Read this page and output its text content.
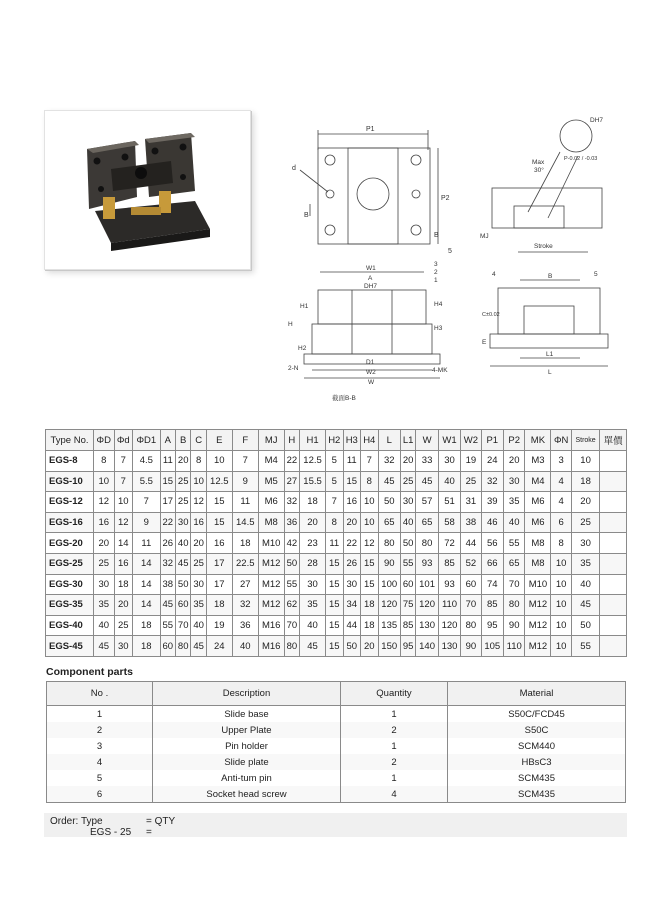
P1
P2
d
B
B
5
DH7
P-0.02 / -0.03
Max
30°
MJ
Stroke
W1
A
DH7
3
2
1
H1
H
H2
H3
H4
D1
W2
W
2-N	4-MK
截面B-B
4	5
B
C±0.02
E
L1
L
Type No.	ΦD	Φd	ΦD1	A	B	C	E	F	MJ	H	H1	H2	H3	H4	L	L1	W	W1	W2	P1	P2	MK	ΦN	Stroke	單價
EGS-8	8	7	4.5	11	20	8	10	7	M4	22	12.5	5	11	7	32	20	33	30	19	24	20	M3	3	10	
EGS-10	10	7	5.5	15	25	10	12.5	9	M5	27	15.5	5	15	8	45	25	45	40	25	32	30	M4	4	18	
EGS-12	12	10	7	17	25	12	15	11	M6	32	18	7	16	10	50	30	57	51	31	39	35	M6	4	20	
EGS-16	16	12	9	22	30	16	15	14.5	M8	36	20	8	20	10	65	40	65	58	38	46	40	M6	6	25	
EGS-20	20	14	11	26	40	20	16	18	M10	42	23	11	22	12	80	50	80	72	44	56	55	M8	8	30	
EGS-25	25	16	14	32	45	25	17	22.5	M12	50	28	15	26	15	90	55	93	85	52	66	65	M8	10	35	
EGS-30	30	18	14	38	50	30	17	27	M12	55	30	15	30	15	100	60	101	93	60	74	70	M10	10	40	
EGS-35	35	20	14	45	60	35	18	32	M12	62	35	15	34	18	120	75	120	110	70	85	80	M12	10	45	
EGS-40	40	25	18	55	70	40	19	36	M16	70	40	15	44	18	135	85	130	120	80	95	90	M12	10	50	
EGS-45	45	30	18	60	80	45	24	40	M16	80	45	15	50	20	150	95	140	130	90	105	110	M12	10	55	
Component parts
No .	Description	Quantity	Material
1	Slide base	1	S50C/FCD45
2	Upper Plate	2	S50C
3	Pin holder	1	SCM440
4	Slide plate	2	HBsC3
5	Anti-tum pin	1	SCM435
6	Socket head screw	4	SCM435
Order: Type	= QTY
EGS - 25 =
